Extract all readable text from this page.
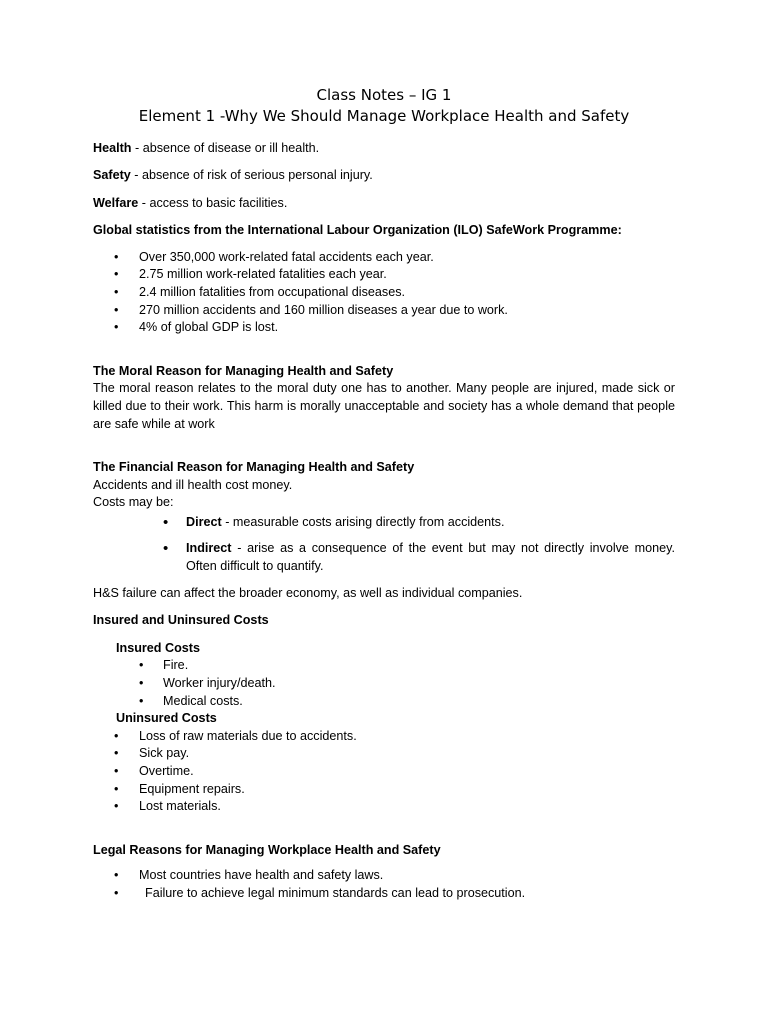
Class Notes – IG 1
Element 1 -Why We Should Manage Workplace Health and Safety

Health - absence of disease or ill health.

Safety - absence of risk of serious personal injury.

Welfare - access to basic facilities.

Global statistics from the International Labour Organization (ILO) SafeWork Programme:

• Over 350,000 work-related fatal accidents each year.
• 2.75 million work-related fatalities each year.
• 2.4 million fatalities from occupational diseases.
• 270 million accidents and 160 million diseases a year due to work.
• 4% of global GDP is lost.

The Moral Reason for Managing Health and Safety

The moral reason relates to the moral duty one has to another. Many people are injured, made sick or killed due to their work. This harm is morally unacceptable and society has a whole demand that people are safe while at work

The Financial Reason for Managing Health and Safety

Accidents and ill health cost money.

Costs may be:

• Direct - measurable costs arising directly from accidents.
• Indirect - arise as a consequence of the event but may not directly involve money. Often difficult to quantify.

H&S failure can affect the broader economy, as well as individual companies.

Insured and Uninsured Costs

Insured Costs

• Fire.
• Worker injury/death.
• Medical costs.

Uninsured Costs

• Loss of raw materials due to accidents.
• Sick pay.
• Overtime.
• Equipment repairs.
• Lost materials.

Legal Reasons for Managing Workplace Health and Safety

• Most countries have health and safety laws.
• Failure to achieve legal minimum standards can lead to prosecution.
